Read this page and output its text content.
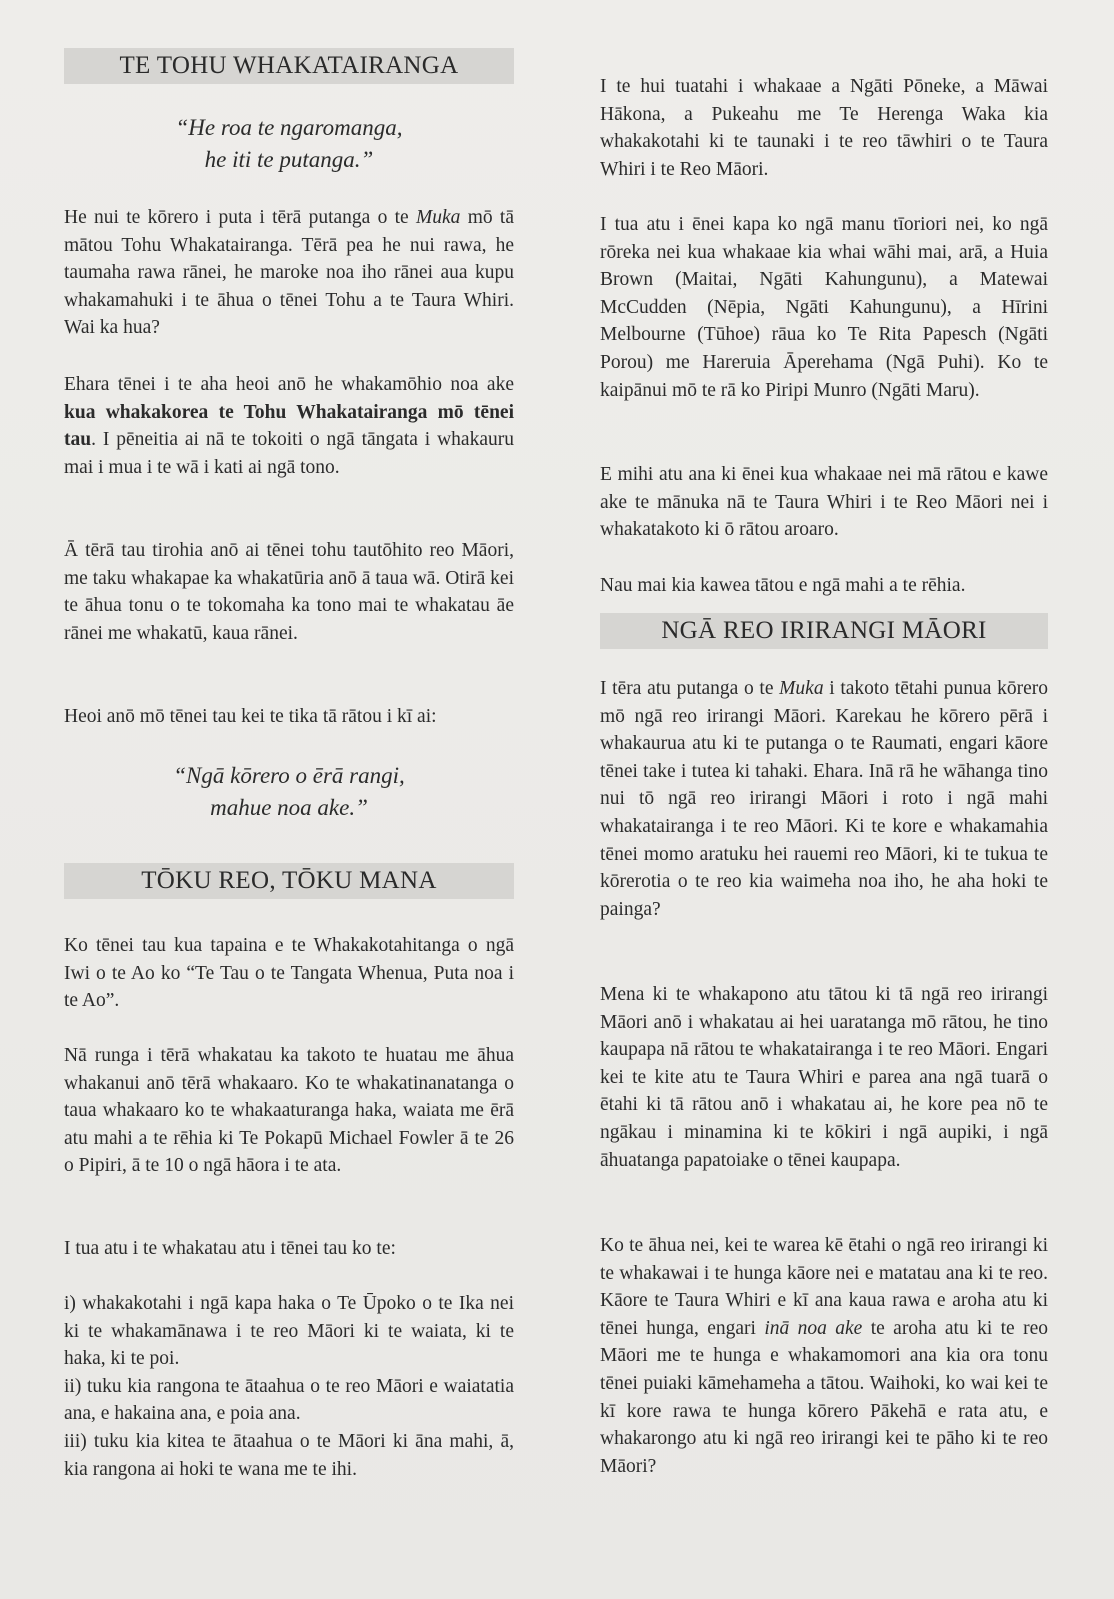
TE TOHU WHAKATAIRANGA
“He roa te ngaromanga,
he iti te putanga.”

He nui te kōrero i puta i tērā putanga o te Muka mō tā mātou Tohu Whakatairanga. Tērā pea he nui rawa, he taumaha rawa rānei, he maroke noa iho rānei aua kupu whakamahuki i te āhua o tēnei Tohu a te Taura Whiri. Wai ka hua?

Ehara tēnei i te aha heoi anō he whakamōhio noa ake kua whakakorea te Tohu Whakatairanga mō tēnei tau. I pēneitia ai nā te tokoiti o ngā tāngata i whakauru mai i mua i te wā i kati ai ngā tono.

Ā tērā tau tirohia anō ai tēnei tohu tautōhito reo Māori, me taku whakapae ka whakatūria anō ā taua wā. Otirā kei te āhua tonu o te tokomaha ka tono mai te whakatau āe rānei me whakatū, kaua rānei.

Heoi anō mō tēnei tau kei te tika tā rātou i kī ai:

“Ngā kōrero o ērā rangi,
mahue noa ake.”
TŌKU REO, TŌKU MANA

Ko tēnei tau kua tapaina e te Whakakotahitanga o ngā Iwi o te Ao ko “Te Tau o te Tangata Whenua, Puta noa i te Ao”.

Nā runga i tērā whakatau ka takoto te huatau me āhua whakanui anō tērā whakaaro. Ko te whakatinanatanga o taua whakaaro ko te whakaaturanga haka, waiata me ērā atu mahi a te rēhia ki Te Pokapū Michael Fowler ā te 26 o Pipiri, ā te 10 o ngā hāora i te ata.

I tua atu i te whakatau atu i tēnei tau ko te:

i) whakakotahi i ngā kapa haka o Te Ūpoko o te Ika nei ki te whakamānawa i te reo Māori ki te waiata, ki te haka, ki te poi.
ii) tuku kia rangona te ātaahua o te reo Māori e waiatatia ana, e hakaina ana, e poia ana.
iii) tuku kia kitea te ātaahua o te Māori ki āna mahi, ā, kia rangona ai hoki te wana me te ihi.

I te hui tuatahi i whakaae a Ngāti Pōneke, a Māwai Hākona, a Pukeahu me Te Herenga Waka kia whakakotahi ki te taunaki i te reo tāwhiri o te Taura Whiri i te Reo Māori.

I tua atu i ēnei kapa ko ngā manu tīoriori nei, ko ngā rōreka nei kua whakaae kia whai wāhi mai, arā, a Huia Brown (Maitai, Ngāti Kahungunu), a Matewai McCudden (Nēpia, Ngāti Kahungunu), a Hīrini Melbourne (Tūhoe) rāua ko Te Rita Papesch (Ngāti Porou) me Hareruia Āperehama (Ngā Puhi). Ko te kaipānui mō te rā ko Piripi Munro (Ngāti Maru).

E mihi atu ana ki ēnei kua whakaae nei mā rātou e kawe ake te mānuka nā te Taura Whiri i te Reo Māori nei i whakatakoto ki ō rātou aroaro.

Nau mai kia kawea tātou e ngā mahi a te rēhia.

NGĀ REO IRIRANGI MĀORI

I tēra atu putanga o te Muka i takoto tētahi punua kōrero mō ngā reo irirangi Māori. Karekau he kōrero pērā i whakaurua atu ki te putanga o te Raumati, engari kāore tēnei take i tutea ki tahaki. Ehara. Inā rā he wāhanga tino nui tō ngā reo irirangi Māori i roto i ngā mahi whakatairanga i te reo Māori. Ki te kore e whakamahia tēnei momo aratuku hei rauemi reo Māori, ki te tukua te kōrerotia o te reo kia waimeha noa iho, he aha hoki te painga?

Mena ki te whakapono atu tātou ki tā ngā reo irirangi Māori anō i whakatau ai hei uaratanga mō rātou, he tino kaupapa nā rātou te whakatairanga i te reo Māori. Engari kei te kite atu te Taura Whiri e parea ana ngā tuarā o ētahi ki tā rātou anō i whakatau ai, he kore pea nō te ngākau i minamina ki te kōkiri i ngā aupiki, i ngā āhuatanga papatoiake o tēnei kaupapa.

Ko te āhua nei, kei te warea kē ētahi o ngā reo irirangi ki te whakawai i te hunga kāore nei e matatau ana ki te reo. Kāore te Taura Whiri e kī ana kaua rawa e aroha atu ki tēnei hunga, engari inā noa ake te aroha atu ki te reo Māori me te hunga e whakamomori ana kia ora tonu tēnei puiaki kāmehameha a tātou. Waihoki, ko wai kei te kī kore rawa te hunga kōrero Pākehā e rata atu, e whakarongo atu ki ngā reo irirangi kei te pāho ki te reo Māori?
